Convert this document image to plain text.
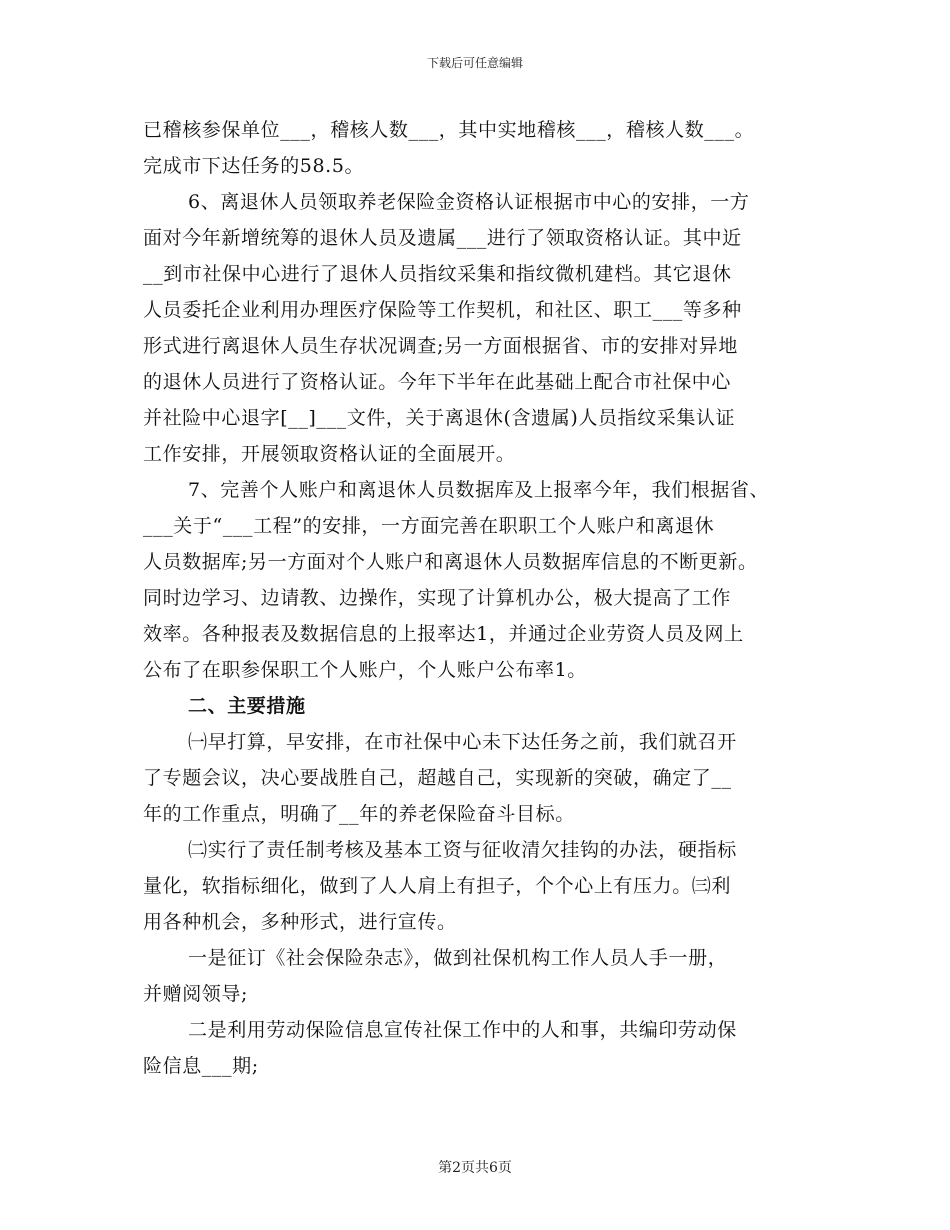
下载后可任意编辑
已稽核参保单位___，稽核人数___，其中实地稽核___，稽核人数___。
完成市下达任务的58.5。
6、离退休人员领取养老保险金资格认证根据市中心的安排，一方
面对今年新增统筹的退休人员及遗属___进行了领取资格认证。其中近
__到市社保中心进行了退休人员指纹采集和指纹微机建档。其它退休
人员委托企业利用办理医疗保险等工作契机，和社区、职工___等多种
形式进行离退休人员生存状况调查;另一方面根据省、市的安排对异地
的退休人员进行了资格认证。今年下半年在此基础上配合市社保中心
并社险中心退字[__]___文件，关于离退休(含遗属)人员指纹采集认证
工作安排，开展领取资格认证的全面展开。
7、完善个人账户和离退休人员数据库及上报率今年，我们根据省、
___关于“___工程”的安排，一方面完善在职职工个人账户和离退休
人员数据库;另一方面对个人账户和离退休人员数据库信息的不断更新。
同时边学习、边请教、边操作，实现了计算机办公，极大提高了工作
效率。各种报表及数据信息的上报率达1，并通过企业劳资人员及网上
公布了在职参保职工个人账户，个人账户公布率1。
二、主要措施
㈠早打算，早安排，在市社保中心未下达任务之前，我们就召开
了专题会议，决心要战胜自己，超越自己，实现新的突破，确定了__
年的工作重点，明确了__年的养老保险奋斗目标。
㈡实行了责任制考核及基本工资与征收清欠挂钩的办法，硬指标
量化，软指标细化，做到了人人肩上有担子，个个心上有压力。㈢利
用各种机会，多种形式，进行宣传。
一是征订《社会保险杂志》，做到社保机构工作人员人手一册，
并赠阅领导;
二是利用劳动保险信息宣传社保工作中的人和事，共编印劳动保
险信息___期;
第2页共6页
